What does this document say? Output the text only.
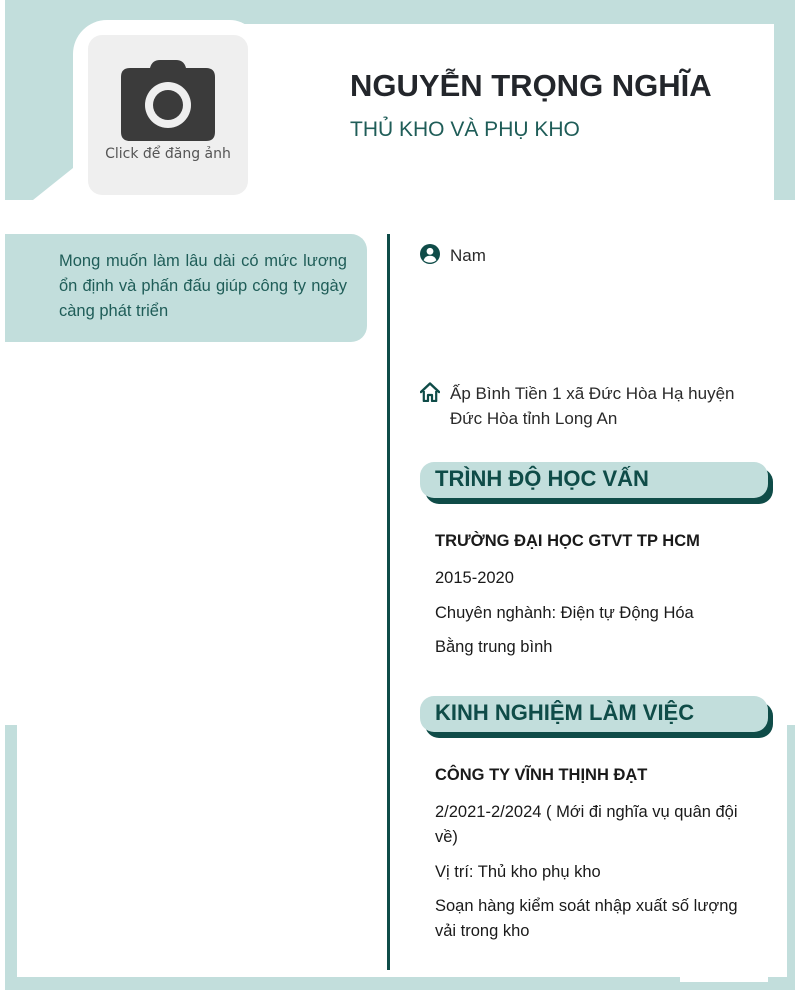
Click để đăng ảnh
NGUYỄN TRỌNG NGHĨA
THỦ KHO VÀ PHỤ KHO
Mong muốn làm lâu dài có mức lương ổn định và phấn đấu giúp công ty ngày càng phát triển
Nam
Ấp Bình Tiền 1 xã Đức Hòa Hạ huyện Đức Hòa tỉnh Long An
TRÌNH ĐỘ HỌC VẤN
TRƯỜNG ĐẠI HỌC GTVT TP HCM
2015-2020
Chuyên nghành: Điện tự Động Hóa
Bằng trung bình
KINH NGHIỆM LÀM VIỆC
CÔNG TY VĨNH THỊNH ĐẠT
2/2021-2/2024 ( Mới đi nghĩa vụ quân đội về)
Vị trí: Thủ kho phụ kho
Soạn hàng kiểm soát nhập xuất số lượng vải trong kho
